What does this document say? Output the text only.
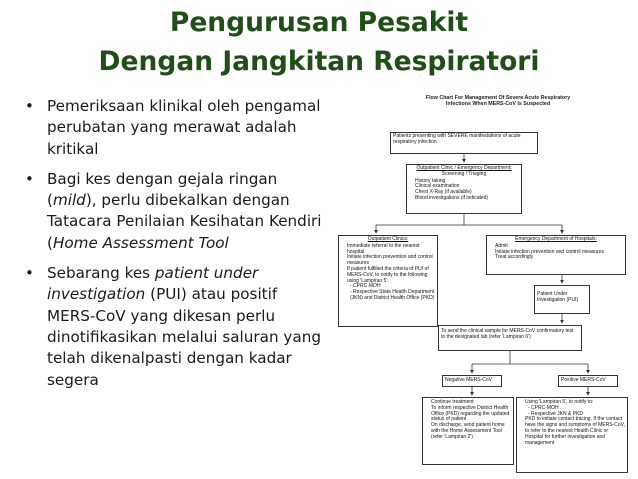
Pengurusan Pesakit
Dengan Jangkitan Respiratori
• Pemeriksaan klinikal oleh pengamal perubatan yang merawat adalah kritikal
• Bagi kes dengan gejala ringan (mild), perlu dibekalkan dengan Tatacara Penilaian Kesihatan Kendiri (Home Assessment Tool
• Sebarang kes patient under investigation (PUI) atau positif MERS-CoV yang dikesan perlu dinotifikasikan melalui saluran yang telah dikenalpasti dengan kadar segera
Flow Chart For Management Of Severe Acute Respiratory Infections When MERS-CoV Is Suspected
Patients presenting with SEVERE manifestations of acute respiratory infection
Outpatient Clinic / Emergency Department:
Screening / Triaging
• History taking
• Clinical examination
• Chest X-Ray (if available)
• Blood investigations (if indicated)
Outpatient Clinics:
• Immediate referral to the nearest hospital
• Initiate infection prevention and control measures
• If patient fulfilled the criteria of PUI of MERS-CoV, to notify to the following using 'Lampiran 5':
- CPRC-MOH
- Respective State Health Department (JKN) and District Health Office (PKD)
Emergency Department of Hospitals:
• Admit
• Initiate infection prevention and control measures
• Treat accordingly
Patient Under Investigation (PUI)
To send the clinical sample for MERS-CoV confirmatory test to the designated lab (refer 'Lampiran 6')
Negative MERS-CoV	Positive MERS-CoV
• Continue treatment
• To inform respective District Health Office (PKD) regarding the updated status of patient
• On discharge, send patient home with the Home Assessment Tool (refer 'Lampiran 2')
• Using 'Lampiran 5', to notify to:
- CPRC-MOH
- Respective JKN & PKD
• PKD to initiate contact tracing. If the contact have the signs and symptoms of MERS-CoV, to refer to the nearest Health Clinic or Hospital for further investigation and management
